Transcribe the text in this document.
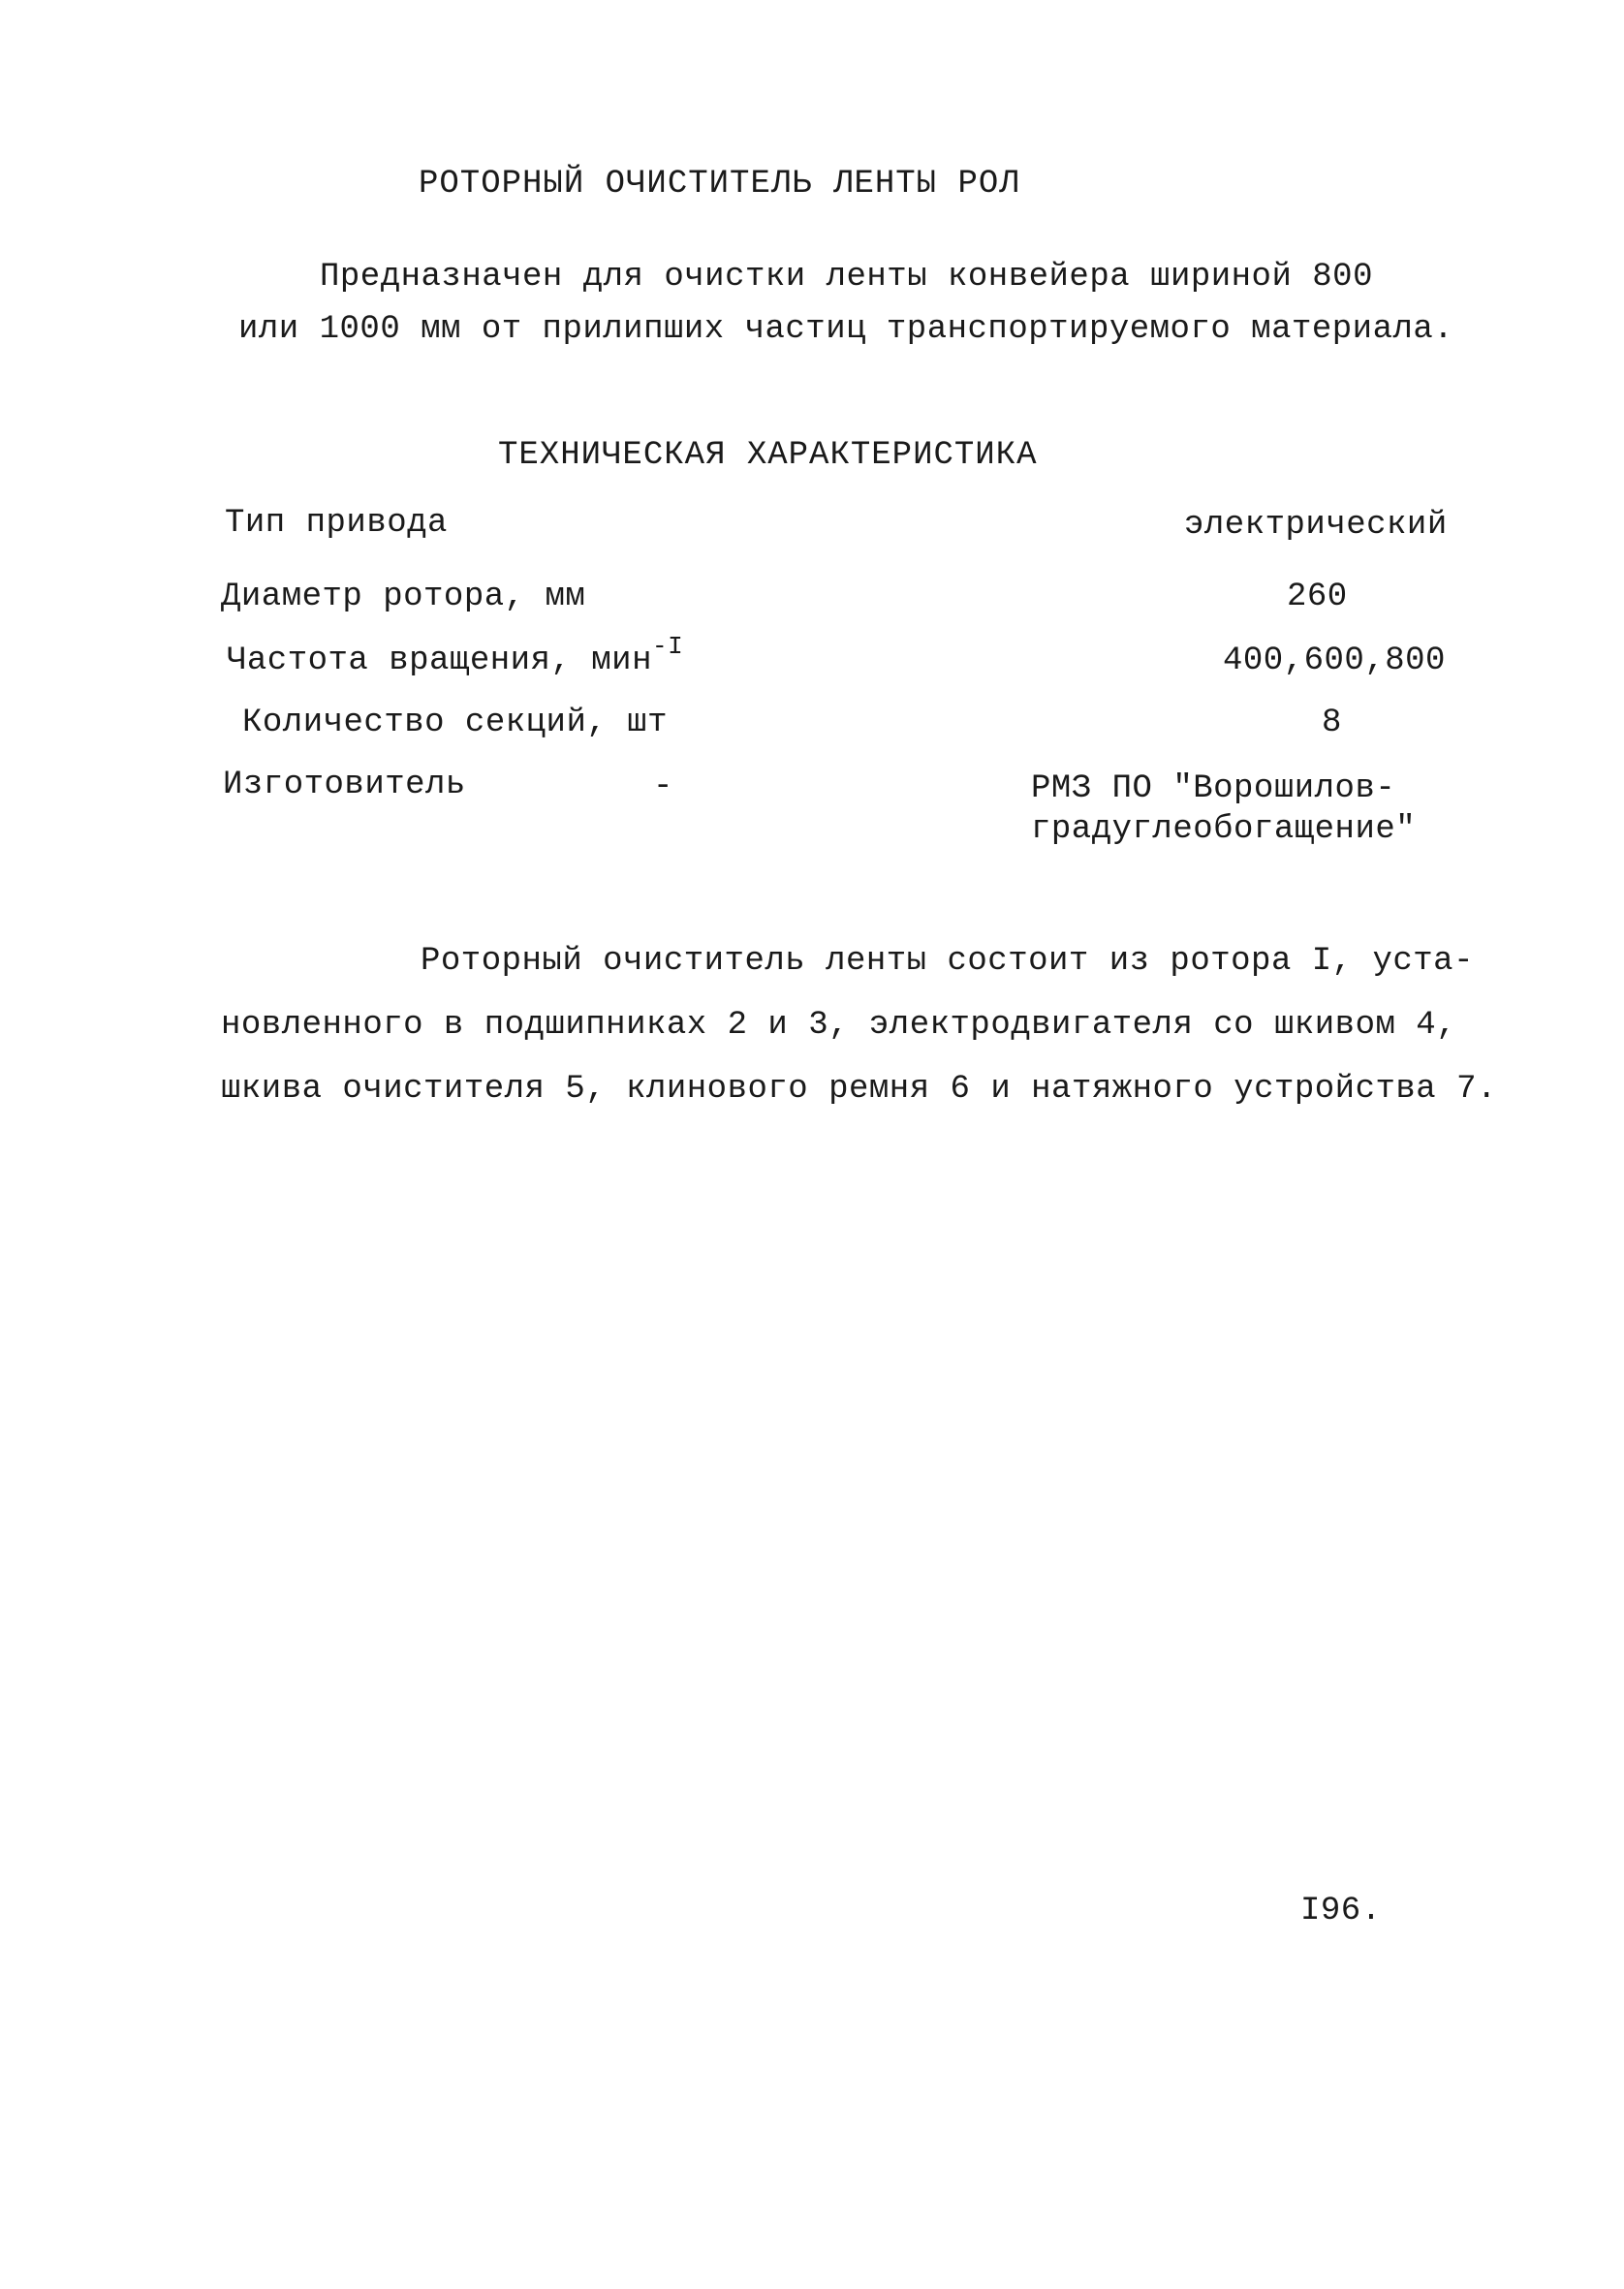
РОТОРНЫЙ ОЧИСТИТЕЛЬ ЛЕНТЫ РОЛ
Предназначен для очистки ленты конвейера шириной 800
или 1000 мм от прилипших частиц транспортируемого материала.
ТЕХНИЧЕСКАЯ ХАРАКТЕРИСТИКА
Тип привода	электрический
Диаметр ротора, мм	260
Частота вращения, мин$^{-I}$	400,600,800
Количество секций, шт	8
Изготовитель	-	РМЗ ПО "Ворошилов-
градуглеобогащение"
Роторный очиститель ленты состоит из ротора I, уста-
новленного в подшипниках 2 и 3, электродвигателя со шкивом 4,
шкива очистителя 5, клинового ремня 6 и натяжного устройства 7.
I96.
